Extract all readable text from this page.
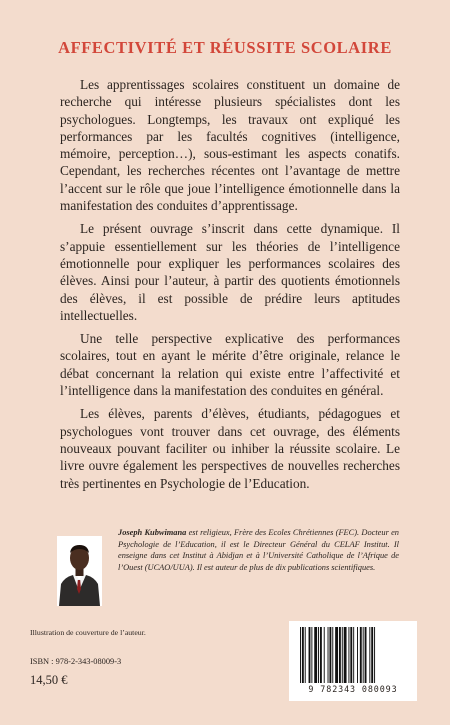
AFFECTIVITÉ ET RÉUSSITE SCOLAIRE

Les apprentissages scolaires constituent un domaine de recherche qui intéresse plusieurs spécialistes dont les psychologues. Longtemps, les travaux ont expliqué les performances par les facultés cognitives (intelligence, mémoire, perception…), sous-estimant les aspects conatifs. Cependant, les recherches récentes ont l’avantage de mettre l’accent sur le rôle que joue l’intelligence émotionnelle dans la manifestation des conduites d’apprentissage.

Le présent ouvrage s’inscrit dans cette dynamique. Il s’appuie essentiellement sur les théories de l’intelligence émotionnelle pour expliquer les performances scolaires des élèves. Ainsi pour l’auteur, à partir des quotients émotionnels des élèves, il est possible de prédire leurs aptitudes intellectuelles.

Une telle perspective explicative des performances scolaires, tout en ayant le mérite d’être originale, relance le débat concernant la relation qui existe entre l’affectivité et l’intelligence dans la manifestation des conduites en général.

Les élèves, parents d’élèves, étudiants, pédagogues et psychologues vont trouver dans cet ouvrage, des éléments nouveaux pouvant faciliter ou inhiber la réussite scolaire. Le livre ouvre également les perspectives de nouvelles recherches très pertinentes en Psychologie de l’Education.

Joseph Kubwimana est religieux, Frère des Ecoles Chrétiennes (FEC). Docteur en Psychologie de l’Education, il est le Directeur Général du CELAF Institut. Il enseigne dans cet Institut à Abidjan et à l’Université Catholique de l’Afrique de l’Ouest (UCAO/UUA). Il est auteur de plus de dix publications scientifiques.

Illustration de couverture de l’auteur.

ISBN : 978-2-343-08009-3

14,50 €

9 782343 080093
